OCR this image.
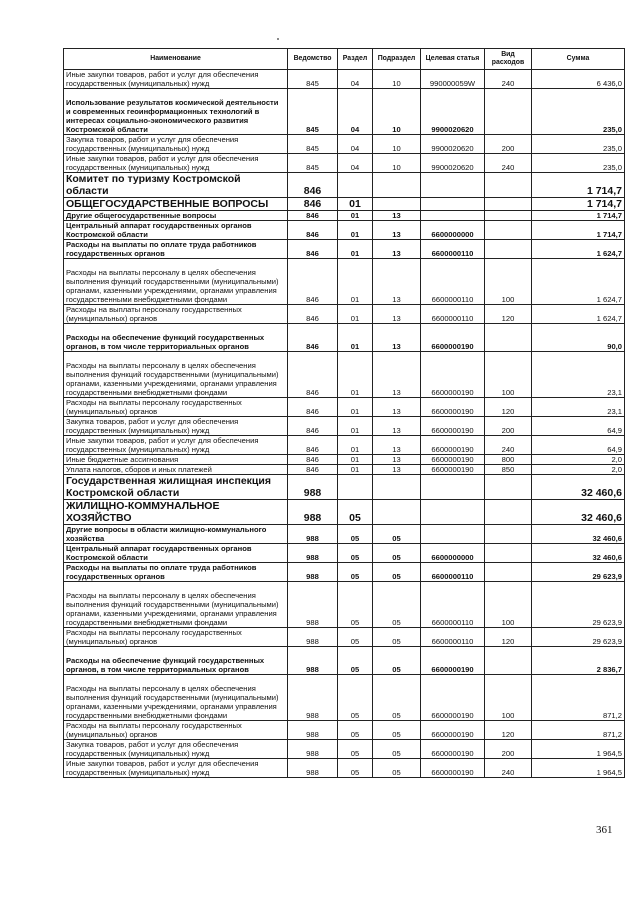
Наименование	Ведомство	Раздел	Подраздел	Целевая статья	Вид расходов	Сумма
Иные закупки товаров, работ и услуг для обеспечения государственных (муниципальных) нужд	845	04	10	990000059W	240	6 436,0
Использование результатов космической деятельности и современных геоинформационных технологий в интересах социально-экономического развития Костромской области	845	04	10	9900020620		235,0
Закупка товаров, работ и услуг для обеспечения государственных (муниципальных) нужд	845	04	10	9900020620	200	235,0
Иные закупки товаров, работ и услуг для обеспечения государственных (муниципальных) нужд	845	04	10	9900020620	240	235,0
Комитет по туризму Костромской области	846					1 714,7
ОБЩЕГОСУДАРСТВЕННЫЕ ВОПРОСЫ	846	01				1 714,7
Другие общегосударственные вопросы	846	01	13			1 714,7
Центральный аппарат государственных органов Костромской области	846	01	13	6600000000		1 714,7
Расходы на выплаты по оплате труда работников государственных органов	846	01	13	6600000110		1 624,7
Расходы на выплаты персоналу в целях обеспечения выполнения функций государственными (муниципальными) органами, казенными учреждениями, органами управления государственными внебюджетными фондами	846	01	13	6600000110	100	1 624,7
Расходы на выплаты персоналу государственных (муниципальных) органов	846	01	13	6600000110	120	1 624,7
Расходы на обеспечение функций государственных органов, в том числе территориальных органов	846	01	13	6600000190		90,0
Расходы на выплаты персоналу в целях обеспечения выполнения функций государственными (муниципальными) органами, казенными учреждениями, органами управления государственными внебюджетными фондами	846	01	13	6600000190	100	23,1
Расходы на выплаты персоналу государственных (муниципальных) органов	846	01	13	6600000190	120	23,1
Закупка товаров, работ и услуг для обеспечения государственных (муниципальных) нужд	846	01	13	6600000190	200	64,9
Иные закупки товаров, работ и услуг для обеспечения государственных (муниципальных) нужд	846	01	13	6600000190	240	64,9
Иные бюджетные ассигнования	846	01	13	6600000190	800	2,0
Уплата налогов, сборов и иных платежей	846	01	13	6600000190	850	2,0
Государственная жилищная инспекция Костромской области	988					32 460,6
ЖИЛИЩНО-КОММУНАЛЬНОЕ ХОЗЯЙСТВО	988	05				32 460,6
Другие вопросы в области жилищно-коммунального хозяйства	988	05	05			32 460,6
Центральный аппарат государственных органов Костромской области	988	05	05	6600000000		32 460,6
Расходы на выплаты по оплате труда работников государственных органов	988	05	05	6600000110		29 623,9
Расходы на выплаты персоналу в целях обеспечения выполнения функций государственными (муниципальными) органами, казенными учреждениями, органами управления государственными внебюджетными фондами	988	05	05	6600000110	100	29 623,9
Расходы на выплаты персоналу государственных (муниципальных) органов	988	05	05	6600000110	120	29 623,9
Расходы на обеспечение функций государственных органов, в том числе территориальных органов	988	05	05	6600000190		2 836,7
Расходы на выплаты персоналу в целях обеспечения выполнения функций государственными (муниципальными) органами, казенными учреждениями, органами управления государственными внебюджетными фондами	988	05	05	6600000190	100	871,2
Расходы на выплаты персоналу государственных (муниципальных) органов	988	05	05	6600000190	120	871,2
Закупка товаров, работ и услуг для обеспечения государственных (муниципальных) нужд	988	05	05	6600000190	200	1 964,5
Иные закупки товаров, работ и услуг для обеспечения государственных (муниципальных) нужд	988	05	05	6600000190	240	1 964,5
361
